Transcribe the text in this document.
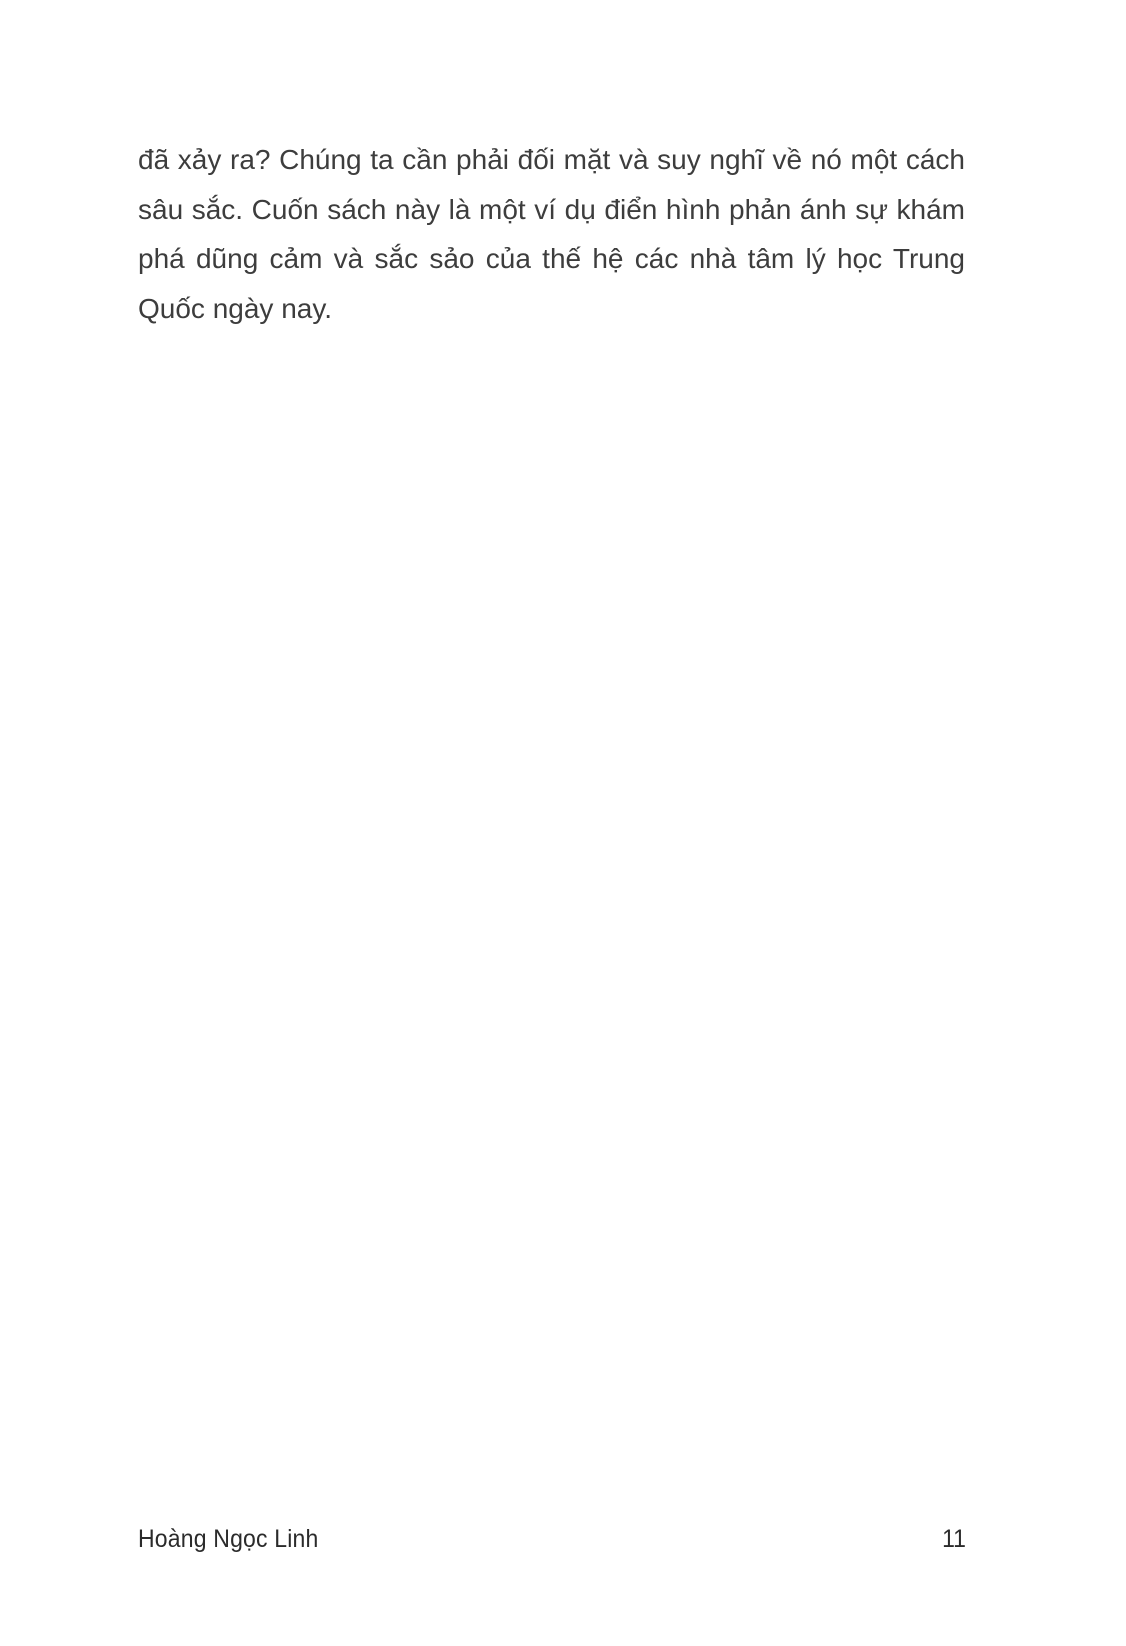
đã xảy ra? Chúng ta cần phải đối mặt và suy nghĩ về nó một cách
sâu sắc. Cuốn sách này là một ví dụ điển hình phản ánh sự khám
phá dũng cảm và sắc sảo của thế hệ các nhà tâm lý học Trung
Quốc ngày nay.
Hoàng Ngọc Linh	11
